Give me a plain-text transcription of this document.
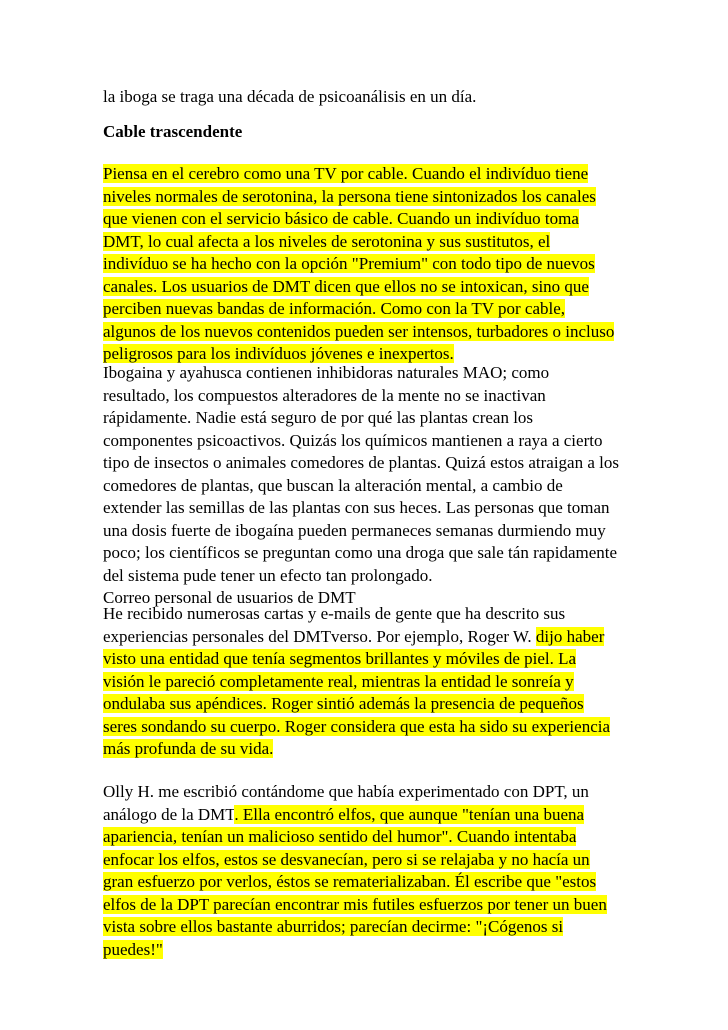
la iboga se traga una década de psicoanálisis en un día.
Cable trascendente
Piensa en el cerebro como una TV por cable. Cuando el indivíduo tiene
niveles normales de serotonina, la persona tiene sintonizados los canales
que vienen con el servicio básico de cable. Cuando un indivíduo toma
DMT, lo cual afecta a los niveles de serotonina y sus sustitutos, el
indivíduo se ha hecho con la opción "Premium" con todo tipo de nuevos
canales. Los usuarios de DMT dicen que ellos no se intoxican, sino que
perciben nuevas bandas de información. Como con la TV por cable,
algunos de los nuevos contenidos pueden ser intensos, turbadores o incluso
peligrosos para los indivíduos jóvenes e inexpertos.
Ibogaina y ayahusca contienen inhibidoras naturales MAO; como
resultado, los compuestos alteradores de la mente no se inactivan
rápidamente. Nadie está seguro de por qué las plantas crean los
componentes psicoactivos. Quizás los químicos mantienen a raya a cierto
tipo de insectos o animales comedores de plantas. Quizá estos atraigan a los
comedores de plantas, que buscan la alteración mental, a cambio de
extender las semillas de las plantas con sus heces. Las personas que toman
una dosis fuerte de ibogaína pueden permaneces semanas durmiendo muy
poco; los científicos se preguntan como una droga que sale tán rapidamente
del sistema pude tener un efecto tan prolongado.
Correo personal de usuarios de DMT
He recibido numerosas cartas y e-mails de gente que ha descrito sus
experiencias personales del DMTverso. Por ejemplo, Roger W. dijo haber
visto una entidad que tenía segmentos brillantes y móviles de piel. La
visión le pareció completamente real, mientras la entidad le sonreía y
ondulaba sus apéndices. Roger sintió además la presencia de pequeños
seres sondando su cuerpo. Roger considera que esta ha sido su experiencia
más profunda de su vida.
Olly H. me escribió contándome que había experimentado con DPT, un
análogo de la DMT. Ella encontró elfos, que aunque "tenían una buena
apariencia, tenían un malicioso sentido del humor". Cuando intentaba
enfocar los elfos, estos se desvanecían, pero si se relajaba y no hacía un
gran esfuerzo por verlos, éstos se rematerializaban. Él escribe que "estos
elfos de la DPT parecían encontrar mis futiles esfuerzos por tener un buen
vista sobre ellos bastante aburridos; parecían decirme: "¡Cógenos si
puedes!"
